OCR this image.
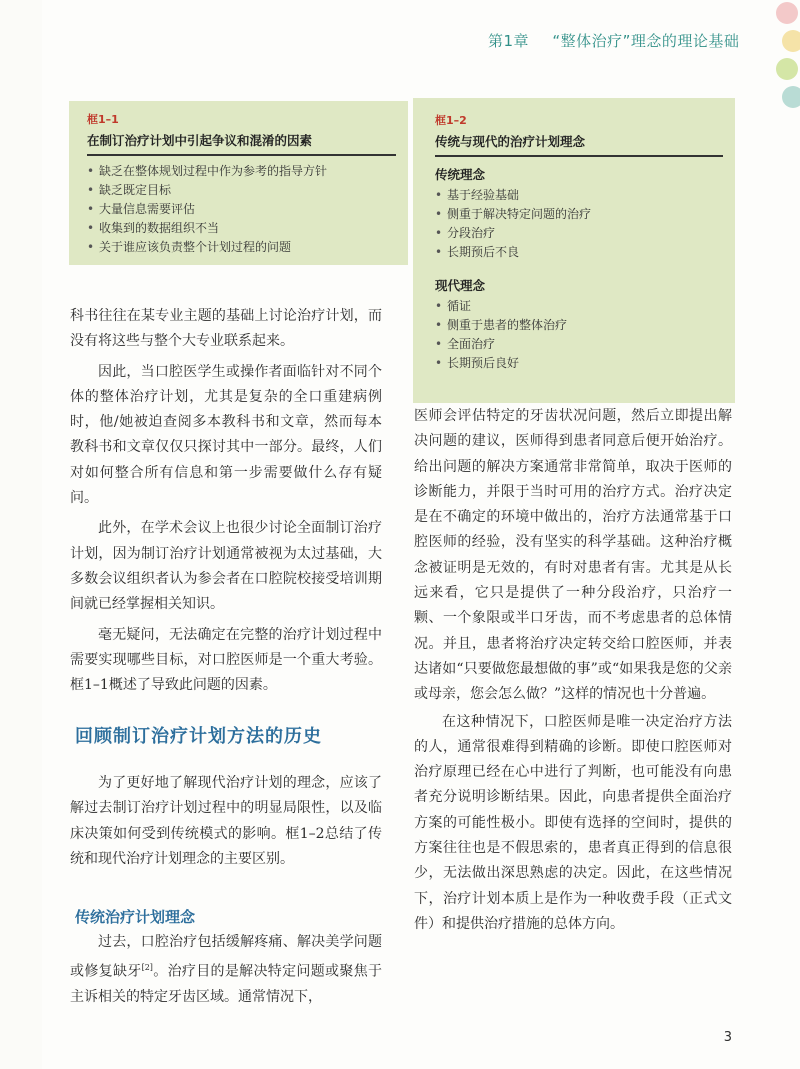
第1章 “整体治疗”理念的理论基础
框1–1
在制订治疗计划中引起争议和混淆的因素
• 缺乏在整体规划过程中作为参考的指导方针
• 缺乏既定目标
• 大量信息需要评估
• 收集到的数据组织不当
• 关于谁应该负责整个计划过程的问题
框1–2
传统与现代的治疗计划理念
传统理念
• 基于经验基础
• 侧重于解决特定问题的治疗
• 分段治疗
• 长期预后不良
现代理念
• 循证
• 侧重于患者的整体治疗
• 全面治疗
• 长期预后良好

科书往往在某专业主题的基础上讨论治疗计划，而没有将这些与整个大专业联系起来。

因此，当口腔医学生或操作者面临针对不同个体的整体治疗计划，尤其是复杂的全口重建病例时，他/她被迫查阅多本教科书和文章，然而每本教科书和文章仅仅只探讨其中一部分。最终，人们对如何整合所有信息和第一步需要做什么存有疑问。

此外，在学术会议上也很少讨论全面制订治疗计划，因为制订治疗计划通常被视为太过基础，大多数会议组织者认为参会者在口腔院校接受培训期间就已经掌握相关知识。

毫无疑问，无法确定在完整的治疗计划过程中需要实现哪些目标，对口腔医师是一个重大考验。框1–1概述了导致此问题的因素。

回顾制订治疗计划方法的历史

为了更好地了解现代治疗计划的理念，应该了解过去制订治疗计划过程中的明显局限性，以及临床决策如何受到传统模式的影响。框1–2总结了传统和现代治疗计划理念的主要区别。

传统治疗计划理念

过去，口腔治疗包括缓解疼痛、解决美学问题或修复缺牙[2]。治疗目的是解决特定问题或聚焦于主诉相关的特定牙齿区域。通常情况下，

医师会评估特定的牙齿状况问题，然后立即提出解决问题的建议，医师得到患者同意后便开始治疗。给出问题的解决方案通常非常简单，取决于医师的诊断能力，并限于当时可用的治疗方式。治疗决定是在不确定的环境中做出的，治疗方法通常基于口腔医师的经验，没有坚实的科学基础。这种治疗概念被证明是无效的，有时对患者有害。尤其是从长远来看，它只是提供了一种分段治疗，只治疗一颗、一个象限或半口牙齿，而不考虑患者的总体情况。并且，患者将治疗决定转交给口腔医师，并表达诸如“只要做您最想做的事”或“如果我是您的父亲或母亲，您会怎么做？”这样的情况也十分普遍。

在这种情况下，口腔医师是唯一决定治疗方法的人，通常很难得到精确的诊断。即使口腔医师对治疗原理已经在心中进行了判断，也可能没有向患者充分说明诊断结果。因此，向患者提供全面治疗方案的可能性极小。即使有选择的空间时，提供的方案往往也是不假思索的，患者真正得到的信息很少，无法做出深思熟虑的决定。因此，在这些情况下，治疗计划本质上是作为一种收费手段（正式文件）和提供治疗措施的总体方向。

3
